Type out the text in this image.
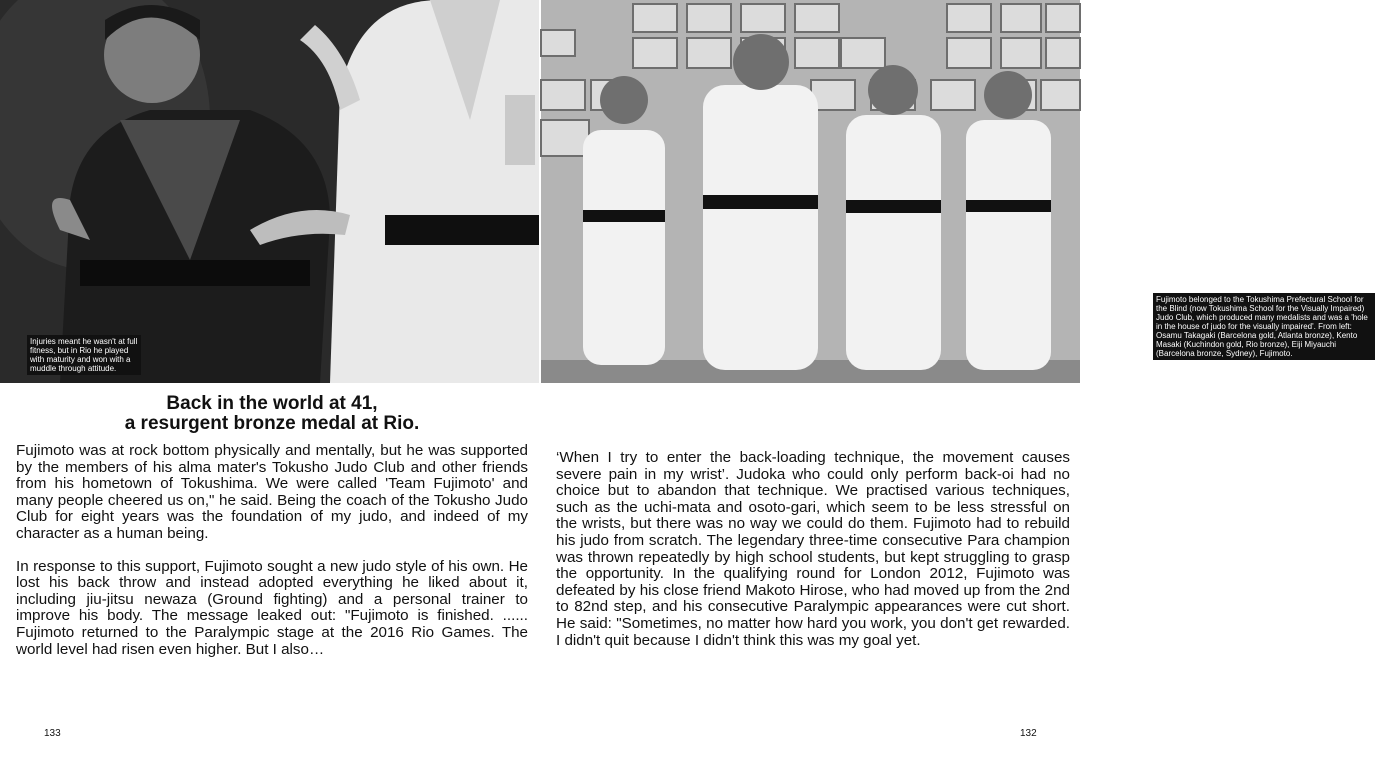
Injuries meant he wasn't at full fitness, but in Rio he played with maturity and won with a muddle through attitude.
Fujimoto belonged to the Tokushima Prefectural School for the Blind (now Tokushima School for the Visually Impaired) Judo Club, which produced many medalists and was a 'hole in the house of judo for the visually impaired'. From left: Osamu Takagaki (Barcelona gold, Atlanta bronze), Kento Masaki (Kuchindon gold, Rio bronze), Eiji Miyauchi (Barcelona bronze, Sydney), Fujimoto.
Back in the world at 41,
a resurgent bronze medal at Rio.

Fujimoto was at rock bottom physically and mentally, but he was supported by the members of his alma mater's Tokusho Judo Club and other friends from his hometown of Tokushima. We were called 'Team Fujimoto' and many people cheered us on," he said. Being the coach of the Tokusho Judo Club for eight years was the foundation of my judo, and indeed of my character as a human being.

In response to this support, Fujimoto sought a new judo style of his own. He lost his back throw and instead adopted everything he liked about it, including jiu-jitsu newaza (Ground fighting) and a personal trainer to improve his body. The message leaked out: "Fujimoto is finished. ...... Fujimoto returned to the Paralympic stage at the 2016 Rio Games. The world level had risen even higher. But I also…

‘When I try to enter the back-loading technique, the movement causes severe pain in my wrist’. Judoka who could only perform back-oi had no choice but to abandon that technique. We practised various techniques, such as the uchi-mata and osoto-gari, which seem to be less stressful on the wrists, but there was no way we could do them. Fujimoto had to rebuild his judo from scratch. The legendary three-time consecutive Para champion was thrown repeatedly by high school students, but kept struggling to grasp the opportunity. In the qualifying round for London 2012, Fujimoto was defeated by his close friend Makoto Hirose, who had moved up from the 2nd to 82nd step, and his consecutive Paralympic appearances were cut short. He said: "Sometimes, no matter how hard you work, you don't get rewarded. I didn't quit because I didn't think this was my goal yet.

133	132
